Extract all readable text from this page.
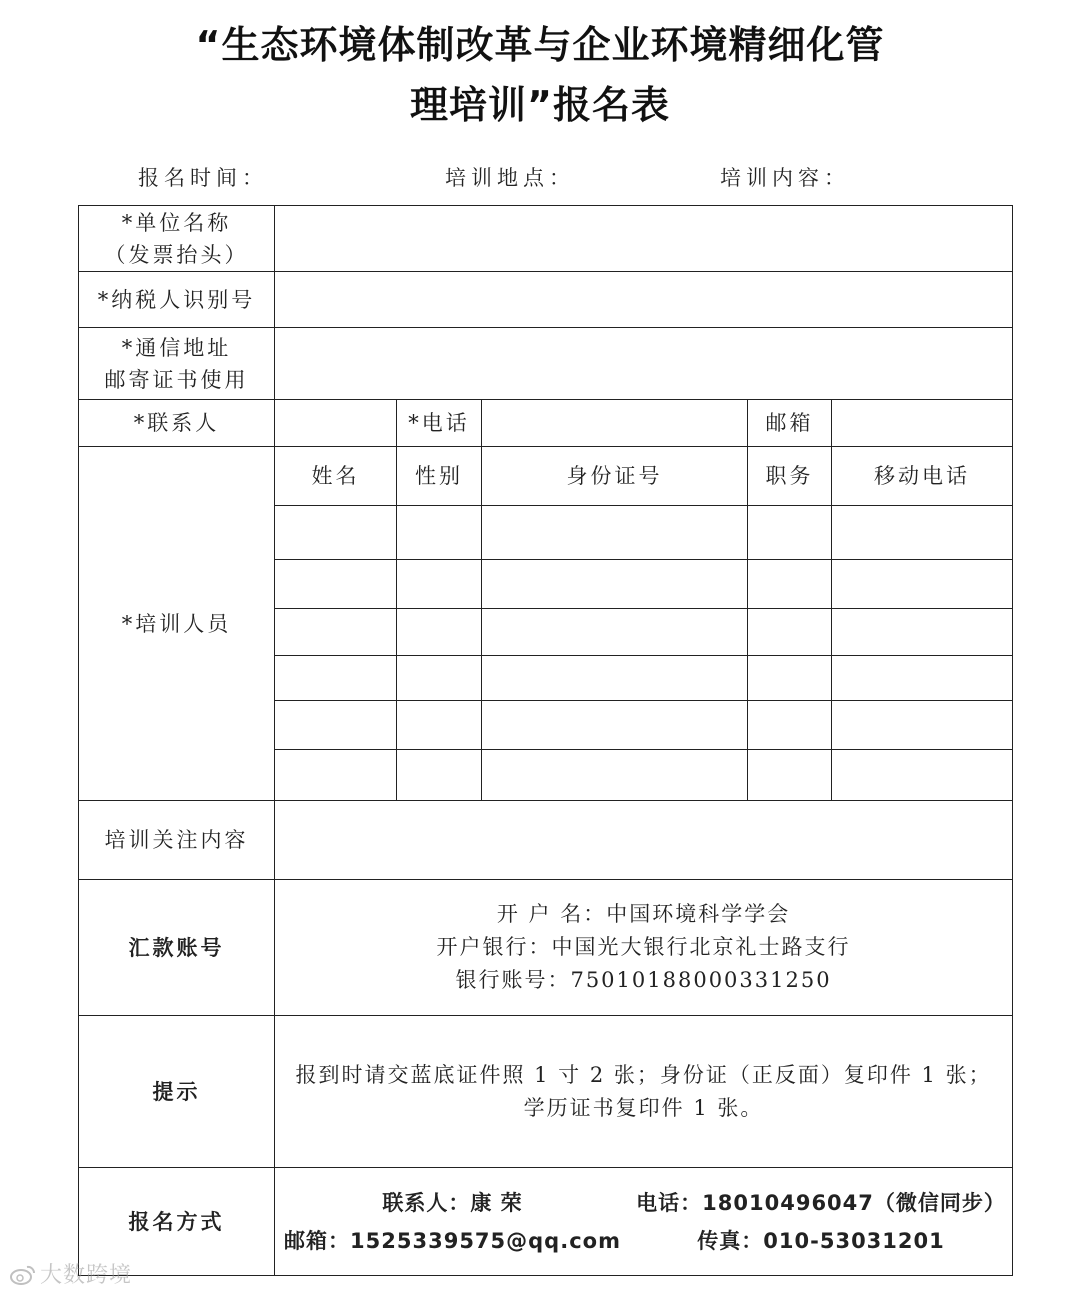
“生态环境体制改革与企业环境精细化管
理培训”报名表
报名时间：	培训地点：	培训内容：
*单位名称
（发票抬头）					

*纳税人识别号					

*通信地址
邮寄证书使用					

*联系人		*电话		邮箱	
*培训人员	姓名	性别	身份证号	职务	移动电话

培训关注内容					
汇款账号	开 户 名：中国环境科学学会
开户银行：中国光大银行北京礼士路支行
银行账号：75010188000331250				

提示	报到时请交蓝底证件照 1 寸 2 张；身份证（正反面）复印件 1 张；
学历证书复印件 1 张。				

报名方式	联系人：康 荣 电话：18010496047（微信同步）
邮箱：1525339575@qq.com 传真：010-53031201				
大数跨境
